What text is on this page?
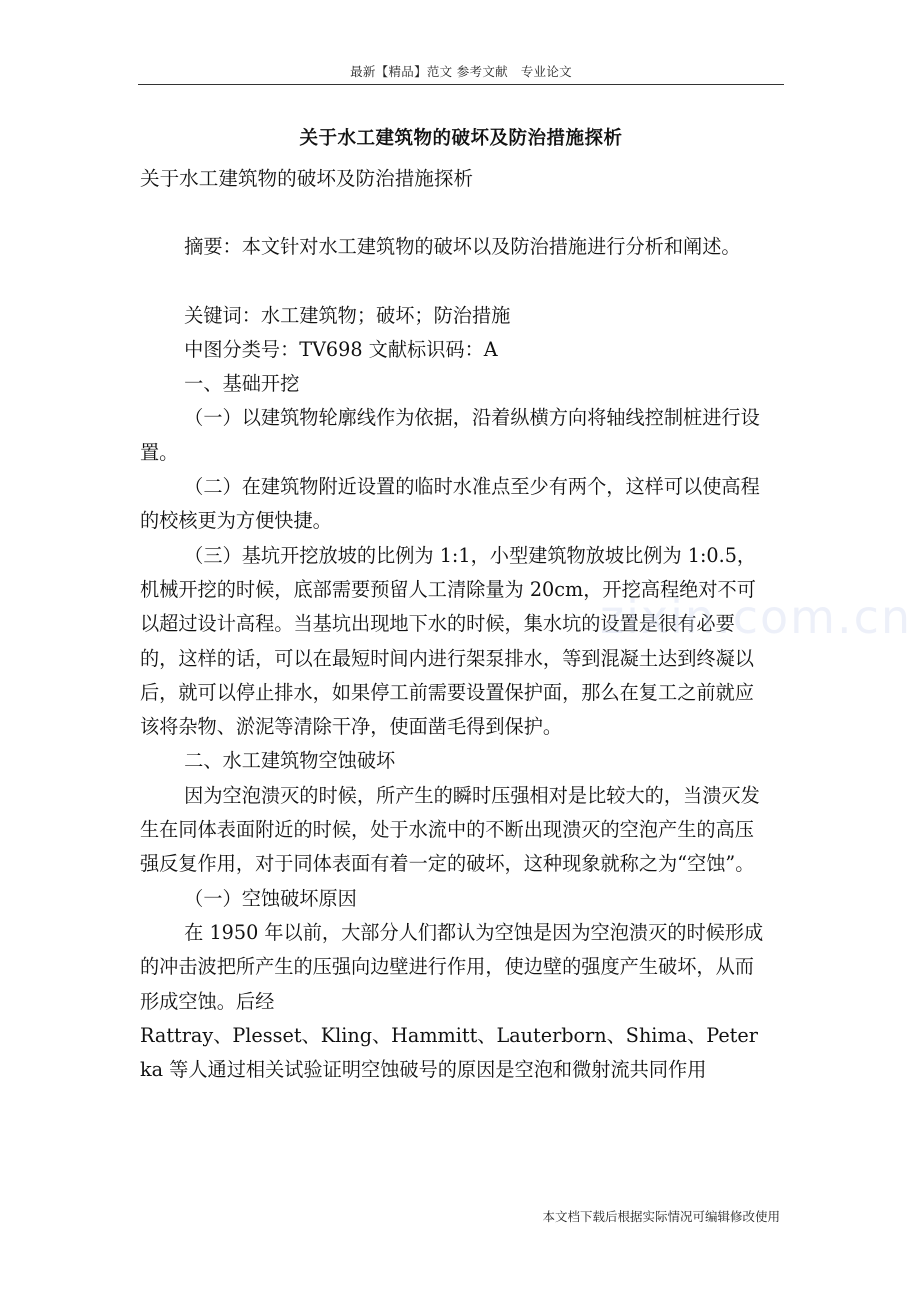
最新【精品】范文 参考文献　专业论文
关于水工建筑物的破坏及防治措施探析

关于水工建筑物的破坏及防治措施探析

摘要：本文针对水工建筑物的破坏以及防治措施进行分析和阐述。

关键词：水工建筑物；破坏；防治措施

中图分类号：TV698 文献标识码：A

一、基础开挖

（一）以建筑物轮廓线作为依据，沿着纵横方向将轴线控制桩进行设置。

（二）在建筑物附近设置的临时水准点至少有两个，这样可以使高程的校核更为方便快捷。

（三）基坑开挖放坡的比例为 1:1，小型建筑物放坡比例为 1:0.5，机械开挖的时候，底部需要预留人工清除量为 20cm，开挖高程绝对不可以超过设计高程。当基坑出现地下水的时候，集水坑的设置是很有必要的，这样的话，可以在最短时间内进行架泵排水，等到混凝土达到终凝以后，就可以停止排水，如果停工前需要设置保护面，那么在复工之前就应该将杂物、淤泥等清除干净，使面凿毛得到保护。

二、水工建筑物空蚀破坏

因为空泡溃灭的时候，所产生的瞬时压强相对是比较大的，当溃灭发生在同体表面附近的时候，处于水流中的不断出现溃灭的空泡产生的高压强反复作用，对于同体表面有着一定的破坏，这种现象就称之为“空蚀”。

（一）空蚀破坏原因

在 1950 年以前，大部分人们都认为空蚀是因为空泡溃灭的时候形成的冲击波把所产生的压强向边壁进行作用，使边壁的强度产生破坏，从而形成空蚀。后经

Rattray、Plesset、Kling、Hammitt、Lauterborn、Shima、Peterka 等人通过相关试验证明空蚀破号的原因是空泡和微射流共同作用

zixin.com.cn
本文档下载后根据实际情况可编辑修改使用
